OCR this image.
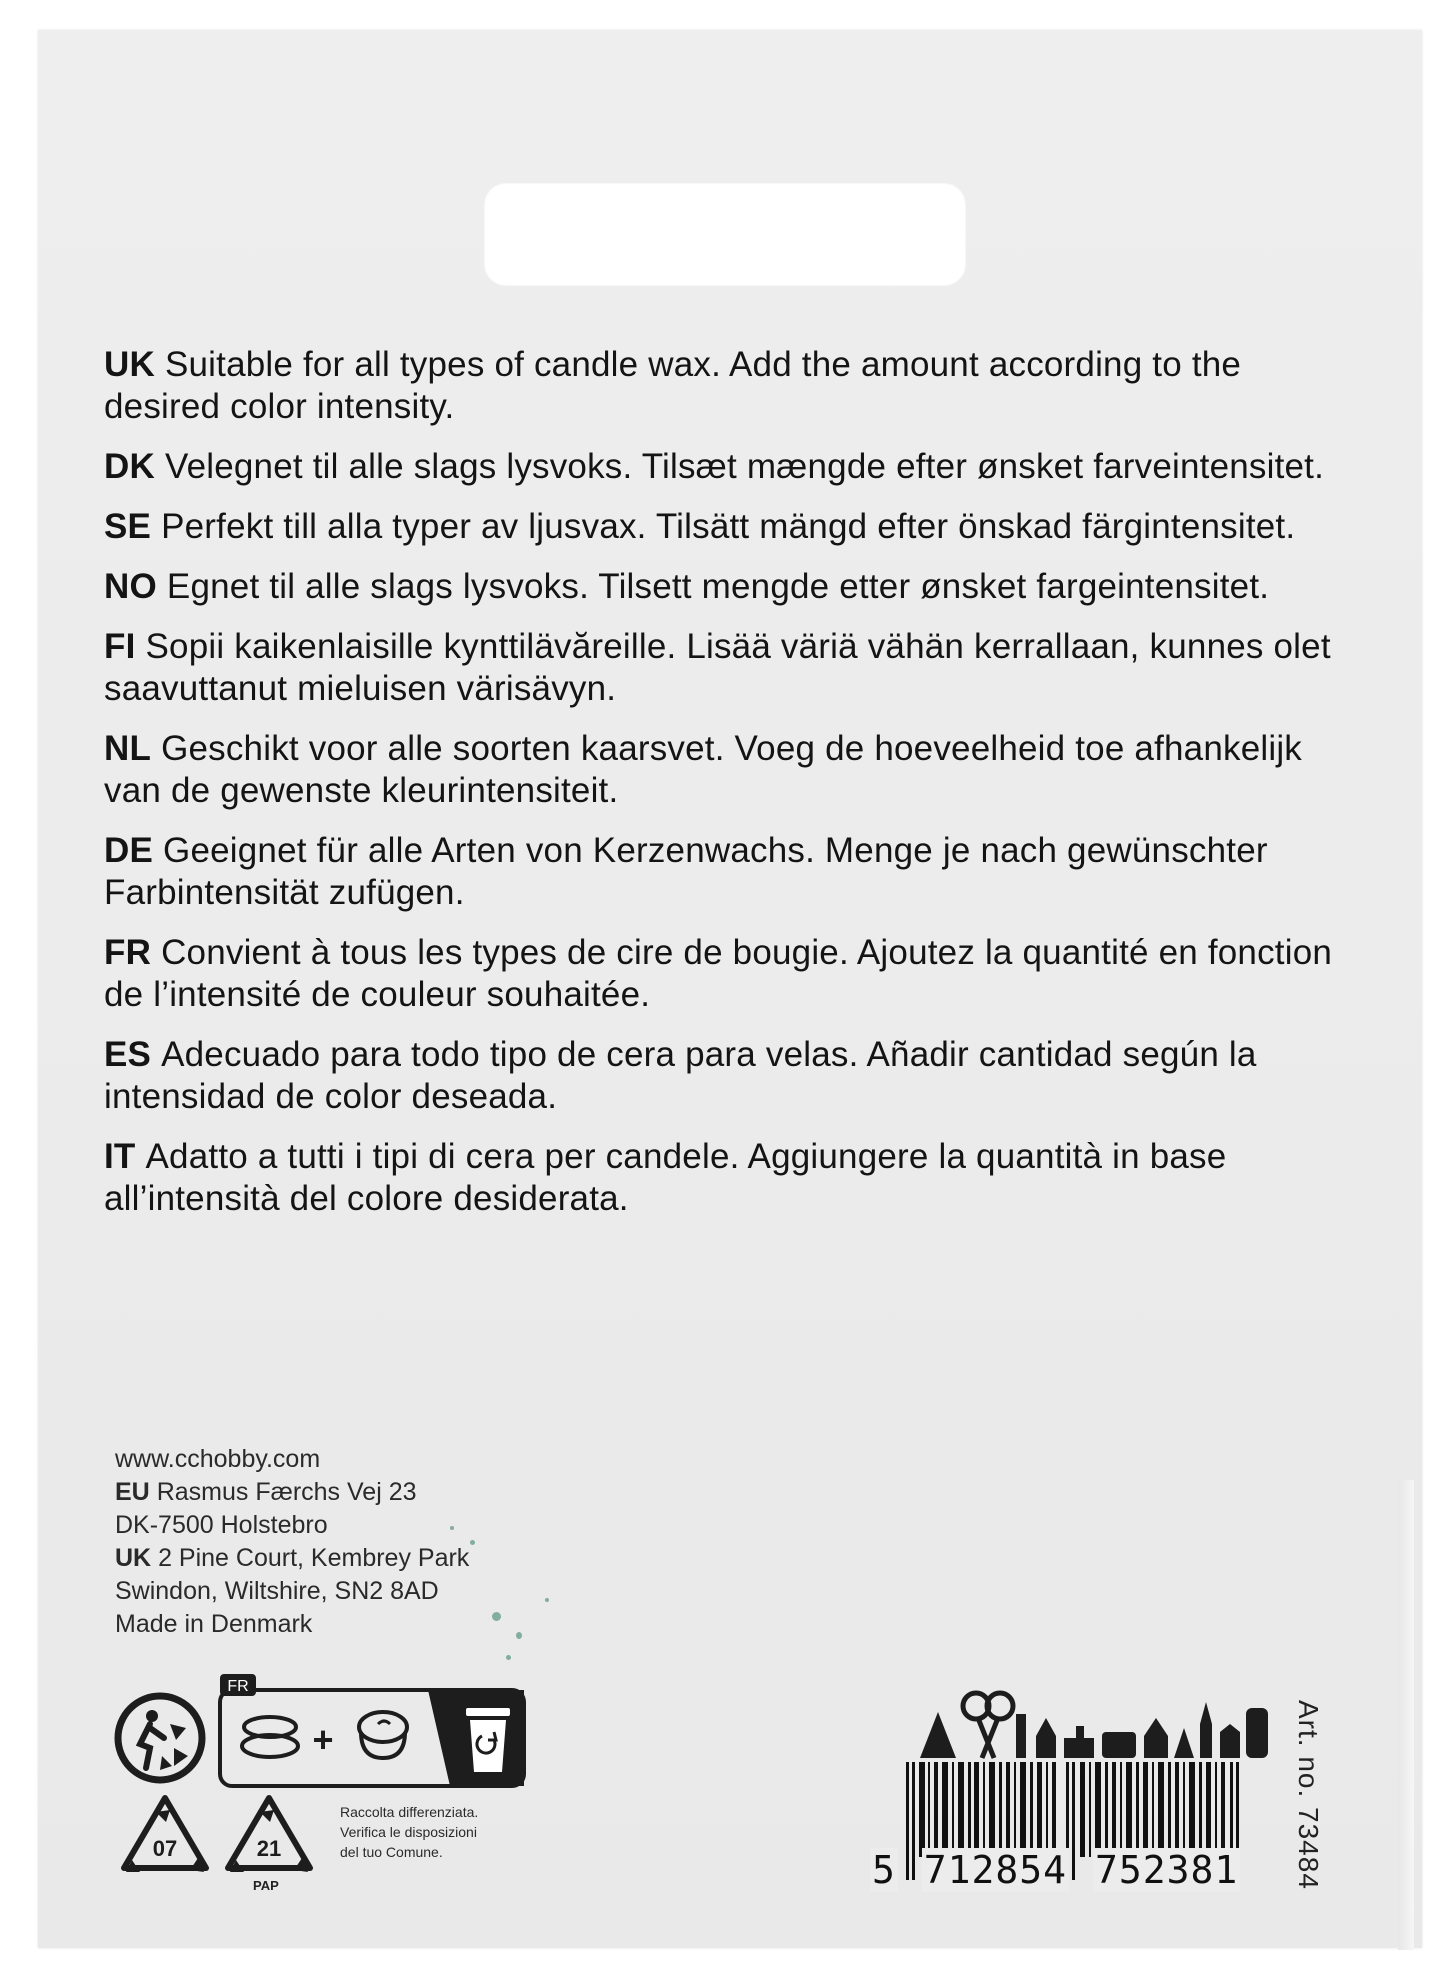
UK Suitable for all types of candle wax. Add the amount according to the desired color intensity.

DK Velegnet til alle slags lysvoks. Tilsæt mængde efter ønsket farveintensitet.

SE Perfekt till alla typer av ljusvax. Tilsätt mängd efter önskad färgintensitet.

NO Egnet til alle slags lysvoks. Tilsett mengde etter ønsket fargeintensitet.

FI Sopii kaikenlaisille kynttilävăreille. Lisää väriä vähän kerrallaan, kunnes olet saavuttanut mieluisen värisävyn.

NL Geschikt voor alle soorten kaarsvet. Voeg de hoeveelheid toe afhankelijk van de gewenste kleurintensiteit.

DE Geeignet für alle Arten von Kerzenwachs. Menge je nach gewünschter Farbintensität zufügen.

FR Convient à tous les types de cire de bougie. Ajoutez la quantité en fonction de l’intensité de couleur souhaitée.

ES Adecuado para todo tipo de cera para velas. Añadir cantidad según la intensidad de color deseada.

IT Adatto a tutti i tipi di cera per candele. Aggiungere la quantità in base all’intensità del colore desiderata.

www.cchobby.com
EU Rasmus Færchs Vej 23
DK-7500 Holstebro
UK 2 Pine Court, Kembrey Park
Swindon, Wiltshire, SN2 8AD
Made in Denmark
FR
+
07	21
PAP
Raccolta differenziata.
Verifica le disposizioni
del tuo Comune.	5 712854 752381	Art. no. 73484
